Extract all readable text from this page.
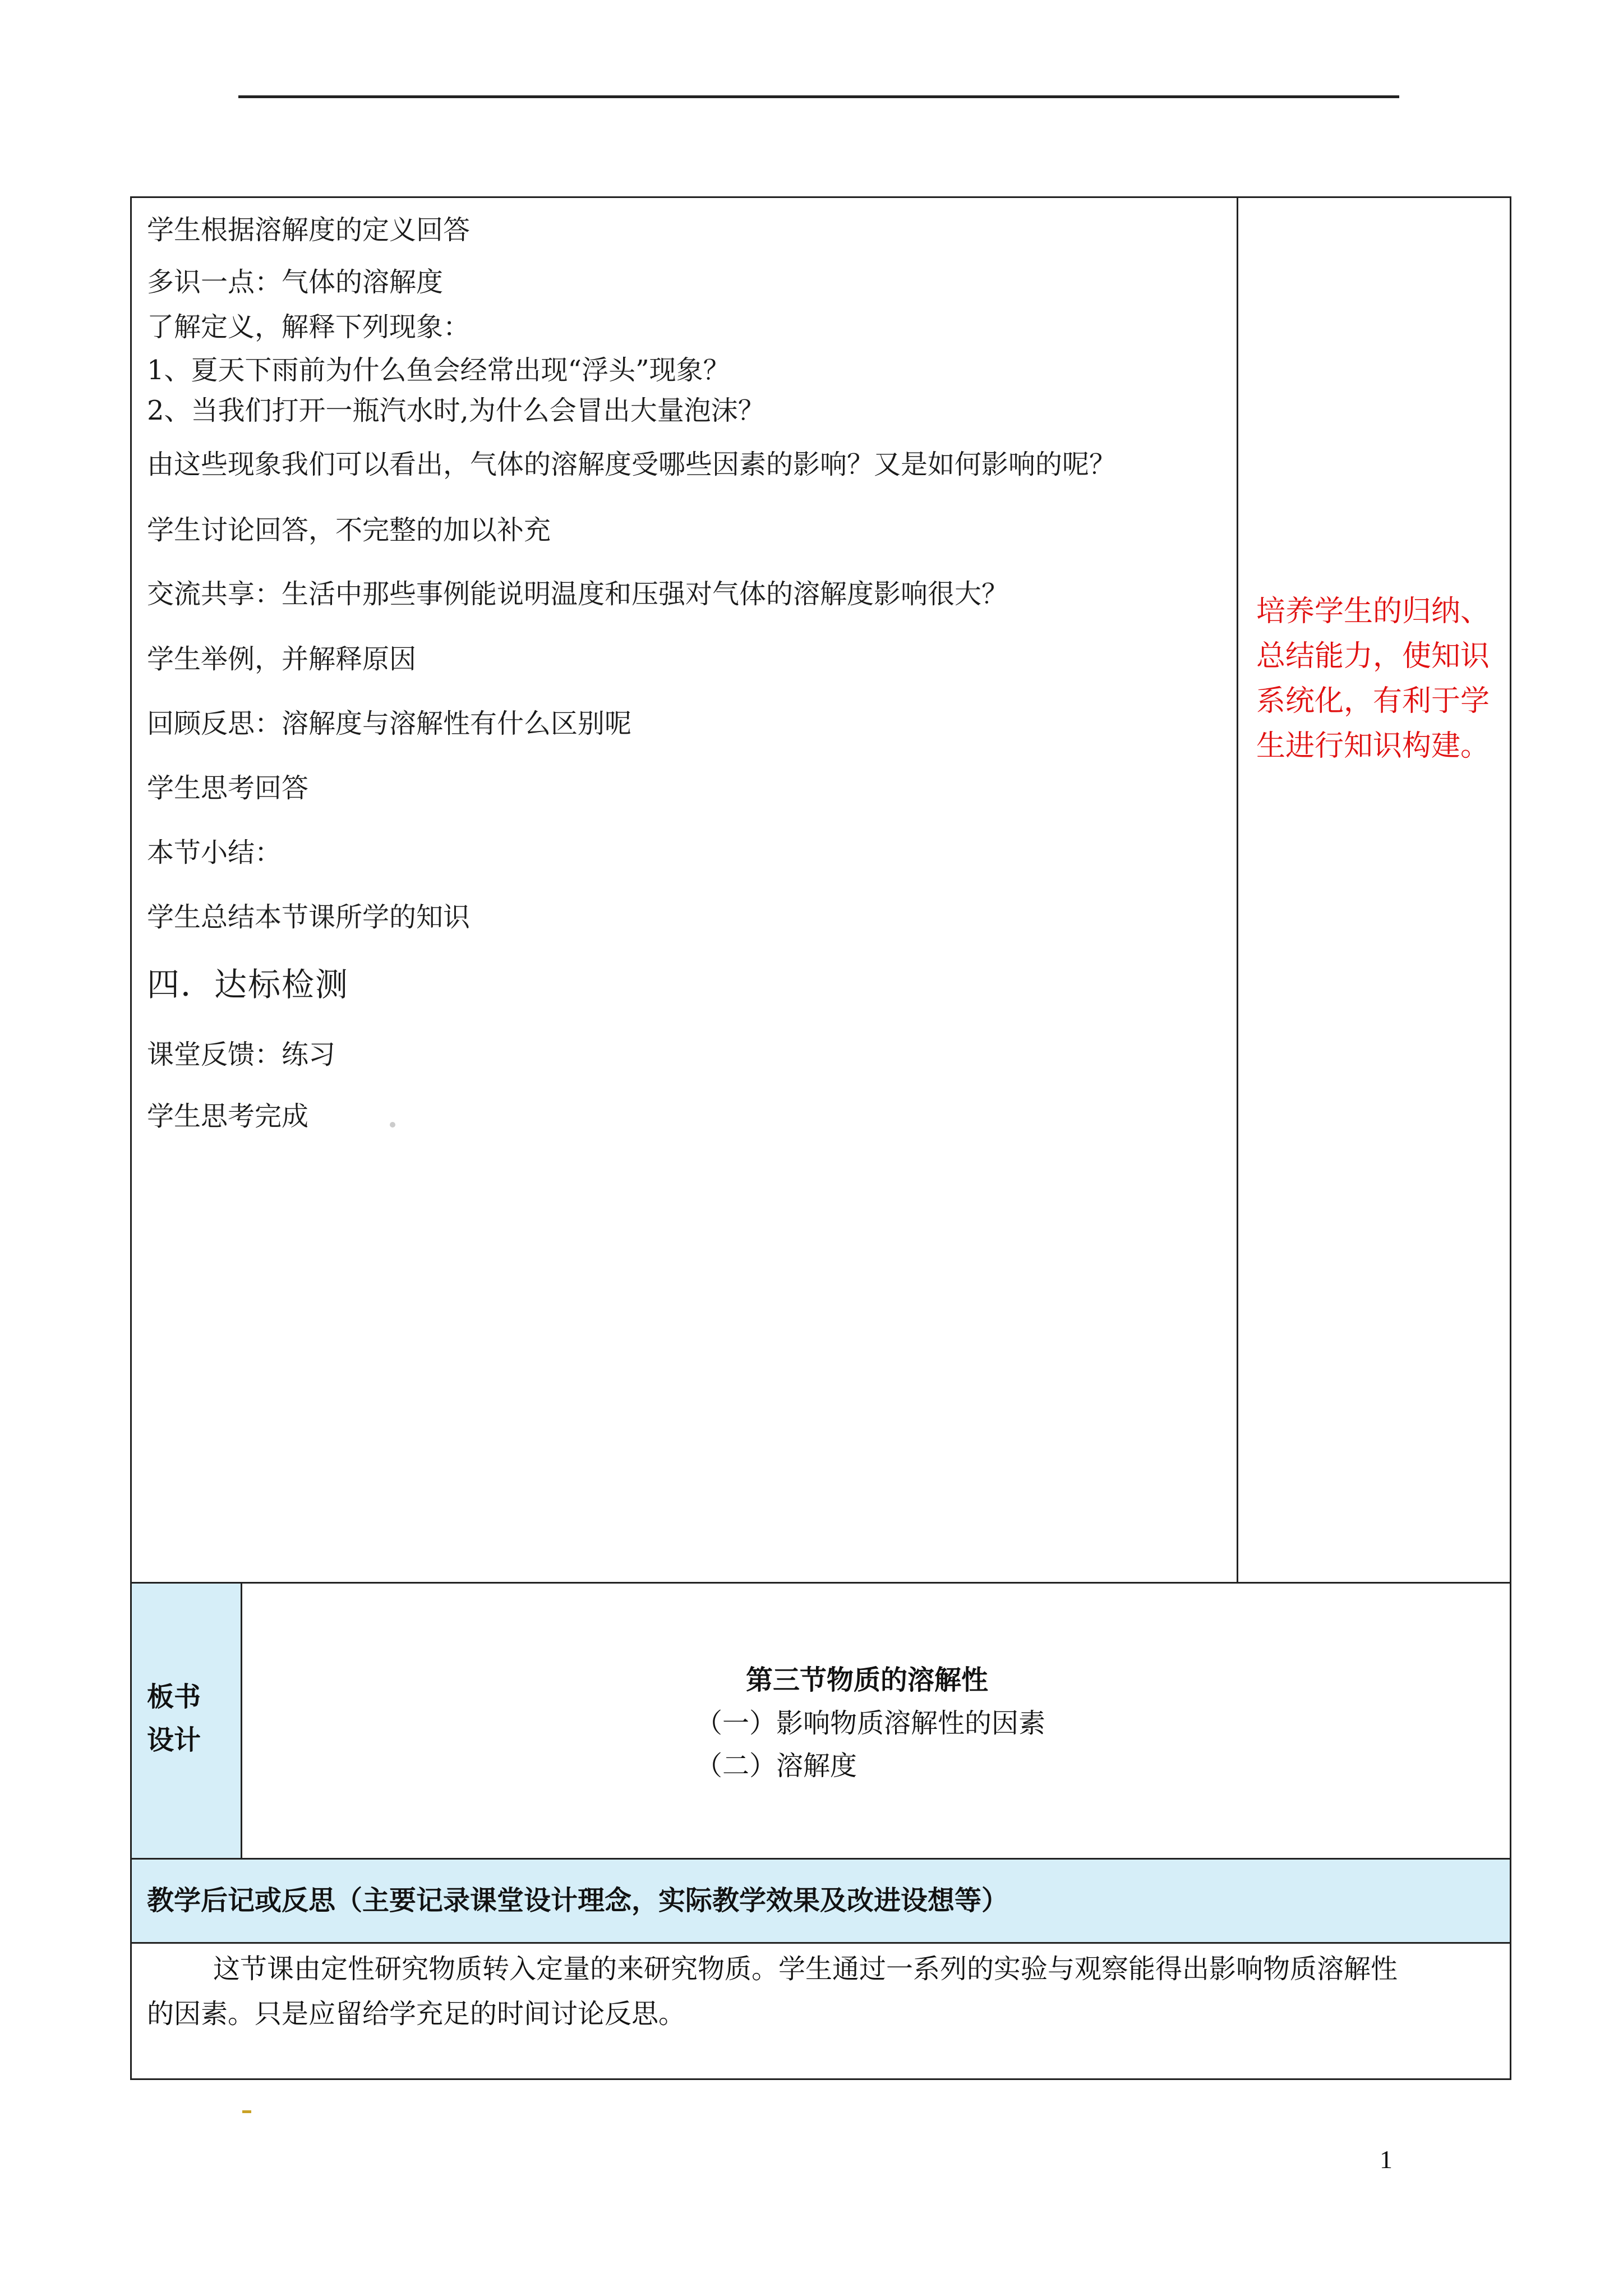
学生根据溶解度的定义回答
多识一点：气体的溶解度
了解定义，解释下列现象：
1、夏天下雨前为什么鱼会经常出现“浮头”现象？
2、当我们打开一瓶汽水时,为什么会冒出大量泡沫？
由这些现象我们可以看出，气体的溶解度受哪些因素的影响？又是如何影响的呢？
学生讨论回答，不完整的加以补充
交流共享：生活中那些事例能说明温度和压强对气体的溶解度影响很大？
学生举例，并解释原因
回顾反思：溶解度与溶解性有什么区别呢
学生思考回答
本节小结：
学生总结本节课所学的知识
四．达标检测
课堂反馈：练习
学生思考完成
培养学生的归纳、
总结能力，使知识
系统化，有利于学
生进行知识构建。
板书
设计
第三节物质的溶解性
（一）影响物质溶解性的因素
（二）溶解度
教学后记或反思（主要记录课堂设计理念，实际教学效果及改进设想等）
这节课由定性研究物质转入定量的来研究物质。学生通过一系列的实验与观察能得出影响物质溶解性
的因素。只是应留给学充足的时间讨论反思。
1
